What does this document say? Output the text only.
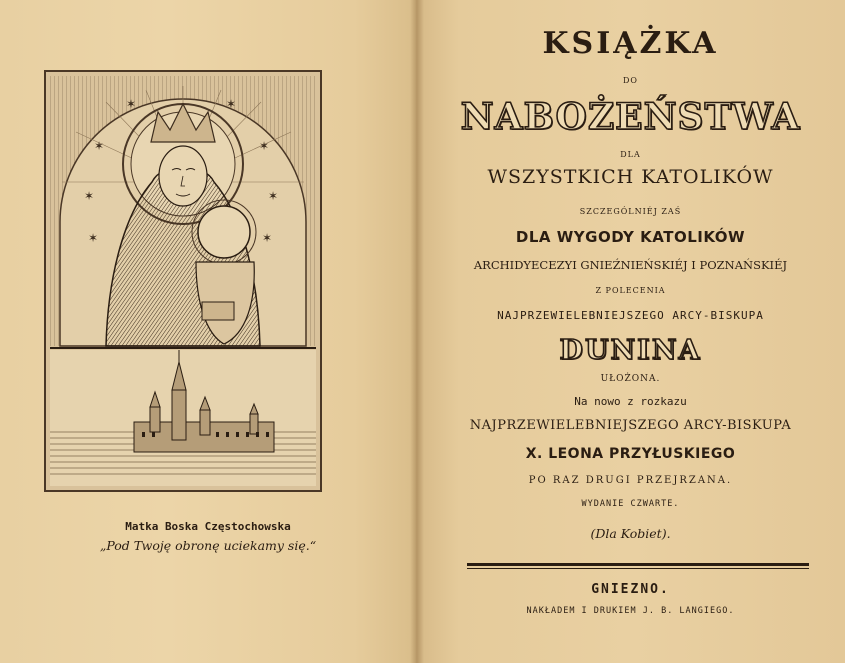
✶
✶
✶
✶
✶
✶
✶	✶
Matka Boska Częstochowska
„Pod Twoję obronę uciekamy się.“
KSIĄŻKA
DO
NABOŻEŃSTWA
DLA
WSZYSTKICH KATOLIKÓW
SZCZEGÓLNIÉJ ZAŚ
DLA WYGODY KATOLIKÓW
ARCHIDYECEZYI GNIEŹNIEŃSKIÉJ I POZNAŃSKIÉJ
Z POLECENIA
NAJPRZEWIELEBNIEJSZEGO ARCY-BISKUPA
DUNINA
UŁOŻONA.
Na nowo z rozkazu
NAJPRZEWIELEBNIEJSZEGO ARCY-BISKUPA
X. LEONA PRZYŁUSKIEGO
PO RAZ DRUGI PRZEJRZANA.
WYDANIE CZWARTE.
(Dla Kobiet).
GNIEZNO.
NAKŁADEM I DRUKIEM J. B. LANGIEGO.
